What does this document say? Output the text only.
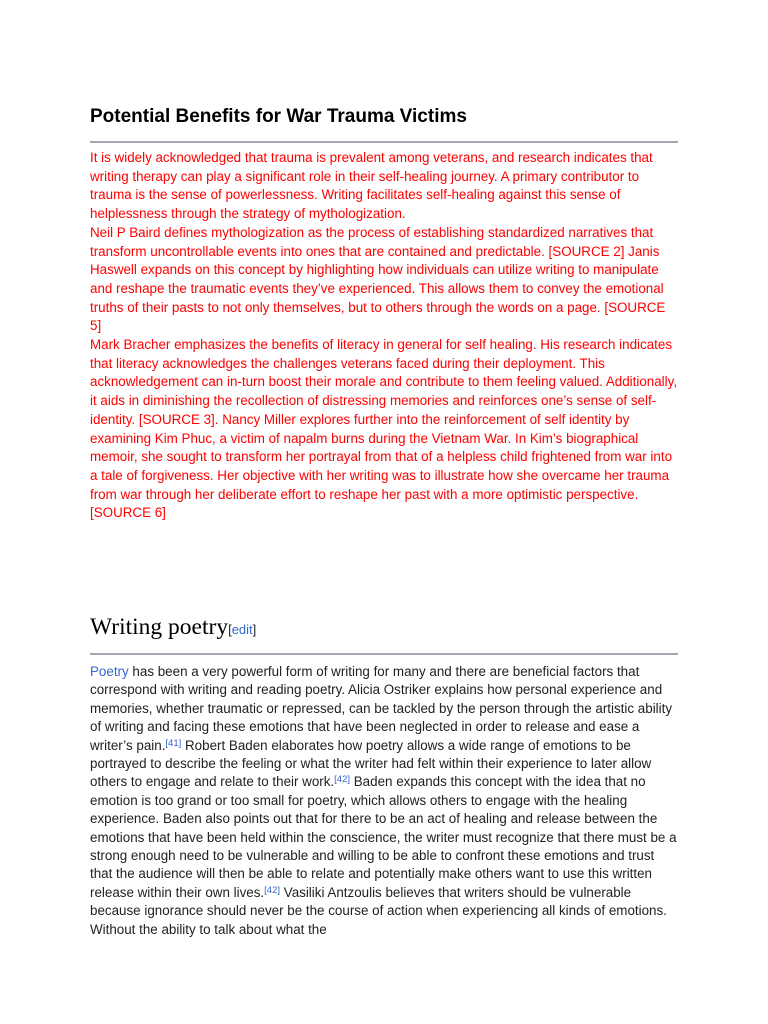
Potential Benefits for War Trauma Victims

It is widely acknowledged that trauma is prevalent among veterans, and research indicates that writing therapy can play a significant role in their self-healing journey. A primary contributor to trauma is the sense of powerlessness. Writing facilitates self-healing against this sense of helplessness through the strategy of mythologization.

Neil P Baird defines mythologization as the process of establishing standardized narratives that transform uncontrollable events into ones that are contained and predictable. [SOURCE 2] Janis Haswell expands on this concept by highlighting how individuals can utilize writing to manipulate and reshape the traumatic events they’ve experienced. This allows them to convey the emotional truths of their pasts to not only themselves, but to others through the words on a page. [SOURCE 5]

Mark Bracher emphasizes the benefits of literacy in general for self healing. His research indicates that literacy acknowledges the challenges veterans faced during their deployment. This acknowledgement can in-turn boost their morale and contribute to them feeling valued. Additionally, it aids in diminishing the recollection of distressing memories and reinforces one’s sense of self-identity. [SOURCE 3]. Nancy Miller explores further into the reinforcement of self identity by examining Kim Phuc, a victim of napalm burns during the Vietnam War. In Kim’s biographical memoir, she sought to transform her portrayal from that of a helpless child frightened from war into a tale of forgiveness. Her objective with her writing was to illustrate how she overcame her trauma from war through her deliberate effort to reshape her past with a more optimistic perspective. [SOURCE 6]

Writing poetry[edit]

Poetry has been a very powerful form of writing for many and there are beneficial factors that correspond with writing and reading poetry. Alicia Ostriker explains how personal experience and memories, whether traumatic or repressed, can be tackled by the person through the artistic ability of writing and facing these emotions that have been neglected in order to release and ease a writer’s pain.[41] Robert Baden elaborates how poetry allows a wide range of emotions to be portrayed to describe the feeling or what the writer had felt within their experience to later allow others to engage and relate to their work.[42] Baden expands this concept with the idea that no emotion is too grand or too small for poetry, which allows others to engage with the healing experience. Baden also points out that for there to be an act of healing and release between the emotions that have been held within the conscience, the writer must recognize that there must be a strong enough need to be vulnerable and willing to be able to confront these emotions and trust that the audience will then be able to relate and potentially make others want to use this written release within their own lives.[42] Vasiliki Antzoulis believes that writers should be vulnerable because ignorance should never be the course of action when experiencing all kinds of emotions. Without the ability to talk about what the
